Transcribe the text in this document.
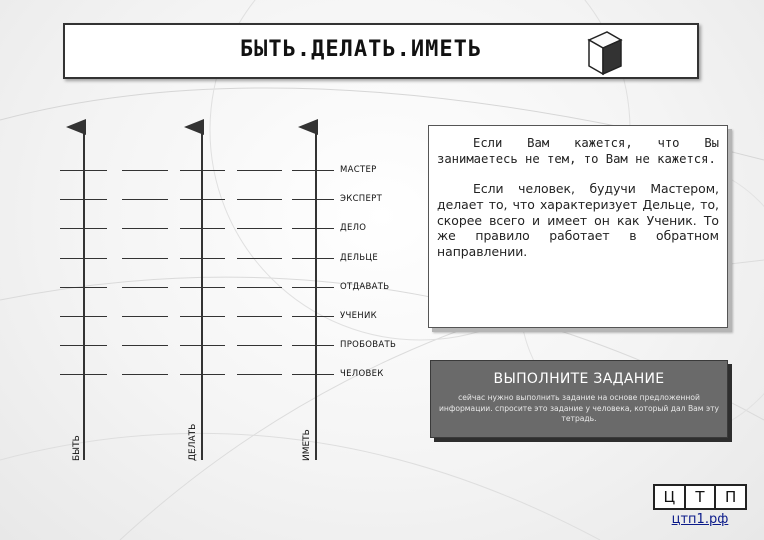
БЫТЬ.ДЕЛАТЬ.ИМЕТЬ
МАСТЕР
ЭКСПЕРТ
ДЕЛО
ДЕЛЬЦЕ
ОТДАВАТЬ
УЧЕНИК
ПРОБОВАТЬ
ЧЕЛОВЕК
БЫТЬ	ДЕЛАТЬ	ИМЕТЬ

Если Вам кажется, что Вы занимаетесь не тем, то Вам не кажется.

Если человек, будучи Мастером, делает то, что характеризует Дельце, то, скорее всего и имеет он как Ученик. То же правило работает в обратном направлении.

ВЫПОЛНИТЕ ЗАДАНИЕ
сейчас нужно выполнить задание на основе предложенной информации. спросите это задание у человека, который дал Вам эту тетрадь.
Ц	Т	П
цтп1.рф
